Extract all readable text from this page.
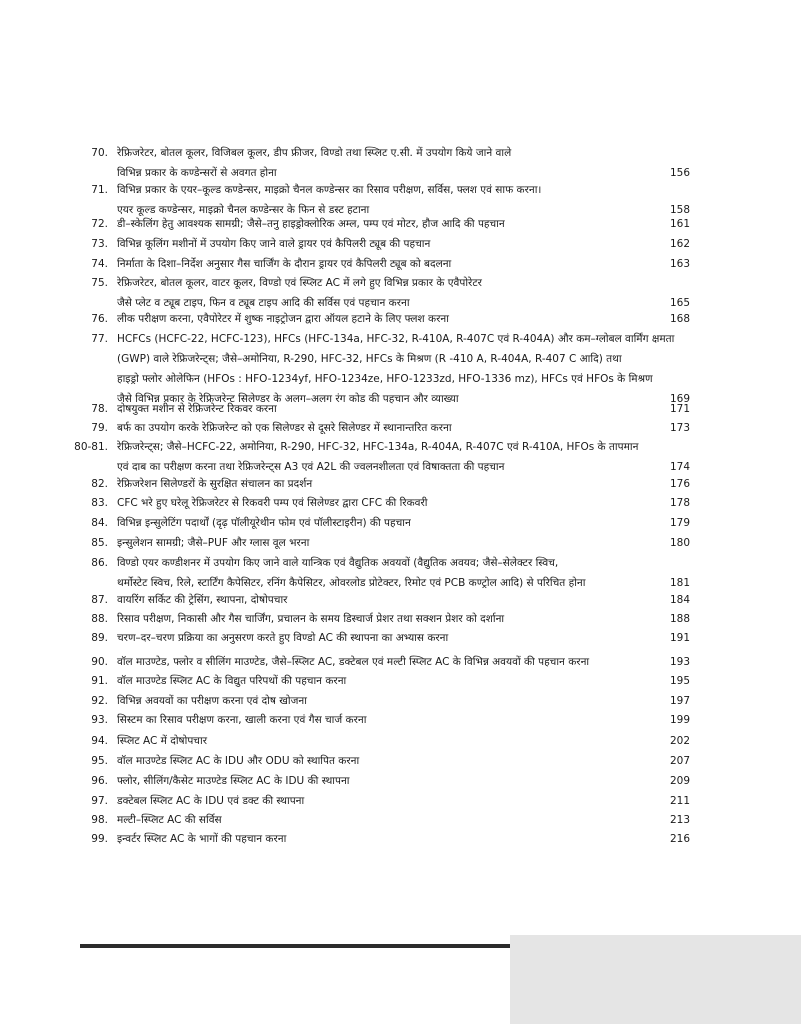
70. रेफ्रिजरेटर, बोतल कूलर, विजिबल कूलर, डीप फ्रीजर, विण्डो तथा स्प्लिट ए.सी. में उपयोग किये जाने वाले
विभिन्न प्रकार के कण्डेन्सरों से अवगत होना	156
71. विभिन्न प्रकार के एयर–कूल्ड कण्डेन्सर, माइक्रो चैनल कण्डेन्सर का रिसाव परीक्षण, सर्विस, फ्लश एवं साफ करना।
एयर कूल्ड कण्डेन्सर, माइक्रो चैनल कण्डेन्सर के फिन से डस्ट हटाना	158
72. डी–स्केलिंग हेतु आवश्यक सामग्री; जैसे–तनु हाइड्रोक्लोरिक अम्ल, पम्प एवं मोटर, हौज आदि की पहचान	161
73. विभिन्न कूलिंग मशीनों में उपयोग किए जाने वाले ड्रायर एवं कैपिलरी ट्यूब की पहचान	162
74. निर्माता के दिशा–निर्देश अनुसार गैस चार्जिंग के दौरान ड्रायर एवं कैपिलरी ट्यूब को बदलना	163
75. रेफ्रिजरेटर, बोतल कूलर, वाटर कूलर, विण्डो एवं स्प्लिट AC में लगे हुए विभिन्न प्रकार के एवैपोरेटर
जैसे प्लेट व ट्यूब टाइप, फिन व ट्यूब टाइप आदि की सर्विस एवं पहचान करना	165
76. लीक परीक्षण करना, एवैपोरेटर में शुष्क नाइट्रोजन द्वारा ऑयल हटाने के लिए फ्लश करना	168
77. HCFCs (HCFC-22, HCFC-123), HFCs (HFC-134a, HFC-32, R-410A, R-407C एवं R-404A) और कम–ग्लोबल वार्मिंग क्षमता
(GWP) वाले रेफ्रिजरेन्ट्स; जैसे–अमोनिया, R-290, HFC-32, HFCs के मिश्रण (R -410 A, R-404A, R-407 C आदि) तथा
हाइड्रो फ्लोर ओलेफिन (HFOs : HFO-1234yf, HFO-1234ze, HFO-1233zd, HFO-1336 mz), HFCs एवं HFOs के मिश्रण
जैसे विभिन्न प्रकार के रेफ्रिजरेन्ट सिलेण्डर के अलग–अलग रंग कोड की पहचान और व्याख्या	169
78. दोषयुक्त मशीन से रेफ्रिजरेन्ट रिकवर करना	171
79. बर्फ का उपयोग करके रेफ्रिजरेन्ट को एक सिलेण्डर से दूसरे सिलेण्डर में स्थानान्तरित करना	173
80-81. रेफ्रिजरेन्ट्स; जैसे–HCFC-22, अमोनिया, R-290, HFC-32, HFC-134a, R-404A, R-407C एवं R-410A, HFOs के तापमान
एवं दाब का परीक्षण करना तथा रेफ्रिजरेन्ट्स A3 एवं A2L की ज्वलनशीलता एवं विषाक्तता की पहचान	174
82. रेफ्रिजरेशन सिलेण्डरों के सुरक्षित संचालन का प्रदर्शन	176
83. CFC भरे हुए घरेलू रेफ्रिजरेटर से रिकवरी पम्प एवं सिलेण्डर द्वारा CFC की रिकवरी	178
84. विभिन्न इन्सुलेटिंग पदार्थों (दृढ़ पॉलीयूरेथीन फोम एवं पॉलीस्टाइरीन) की पहचान	179
85. इन्सुलेशन सामग्री; जैसे–PUF और ग्लास वूल भरना	180
86. विण्डो एयर कण्डीशनर में उपयोग किए जाने वाले यान्त्रिक एवं वैद्युतिक अवयवों (वैद्युतिक अवयव; जैसे–सेलेक्टर स्विच,
थर्मोस्टेट स्विच, रिले, स्टार्टिंग कैपेसिटर, रनिंग कैपेसिटर, ओवरलोड प्रोटेक्टर, रिमोट एवं PCB कण्ट्रोल आदि) से परिचित होना	181
87. वायरिंग सर्किट की ट्रेसिंग, स्थापना, दोषोपचार	184
88. रिसाव परीक्षण, निकासी और गैस चार्जिंग, प्रचालन के समय डिस्चार्ज प्रेशर तथा सक्शन प्रेशर को दर्शाना	188
89. चरण–दर–चरण प्रक्रिया का अनुसरण करते हुए विण्डो AC की स्थापना का अभ्यास करना	191
90. वॉल माउण्टेड, फ्लोर व सीलिंग माउण्टेड, जैसे–स्प्लिट AC, डक्टेबल एवं मल्टी स्प्लिट AC के विभिन्न अवयवों की पहचान करना	193
91. वॉल माउण्टेड स्प्लिट AC के विद्युत परिपथों की पहचान करना	195
92. विभिन्न अवयवों का परीक्षण करना एवं दोष खोजना	197
93. सिस्टम का रिसाव परीक्षण करना, खाली करना एवं गैस चार्ज करना	199
94. स्प्लिट AC में दोषोपचार	202
95. वॉल माउण्टेड स्प्लिट AC के IDU और ODU को स्थापित करना	207
96. फ्लोर, सीलिंग/कैसेट माउण्टेड स्प्लिट AC के IDU की स्थापना	209
97. डक्टेबल स्प्लिट AC के IDU एवं डक्ट की स्थापना	211
98. मल्टी–स्प्लिट AC की सर्विस	213
99. इन्वर्टर स्प्लिट AC के भागों की पहचान करना	216
